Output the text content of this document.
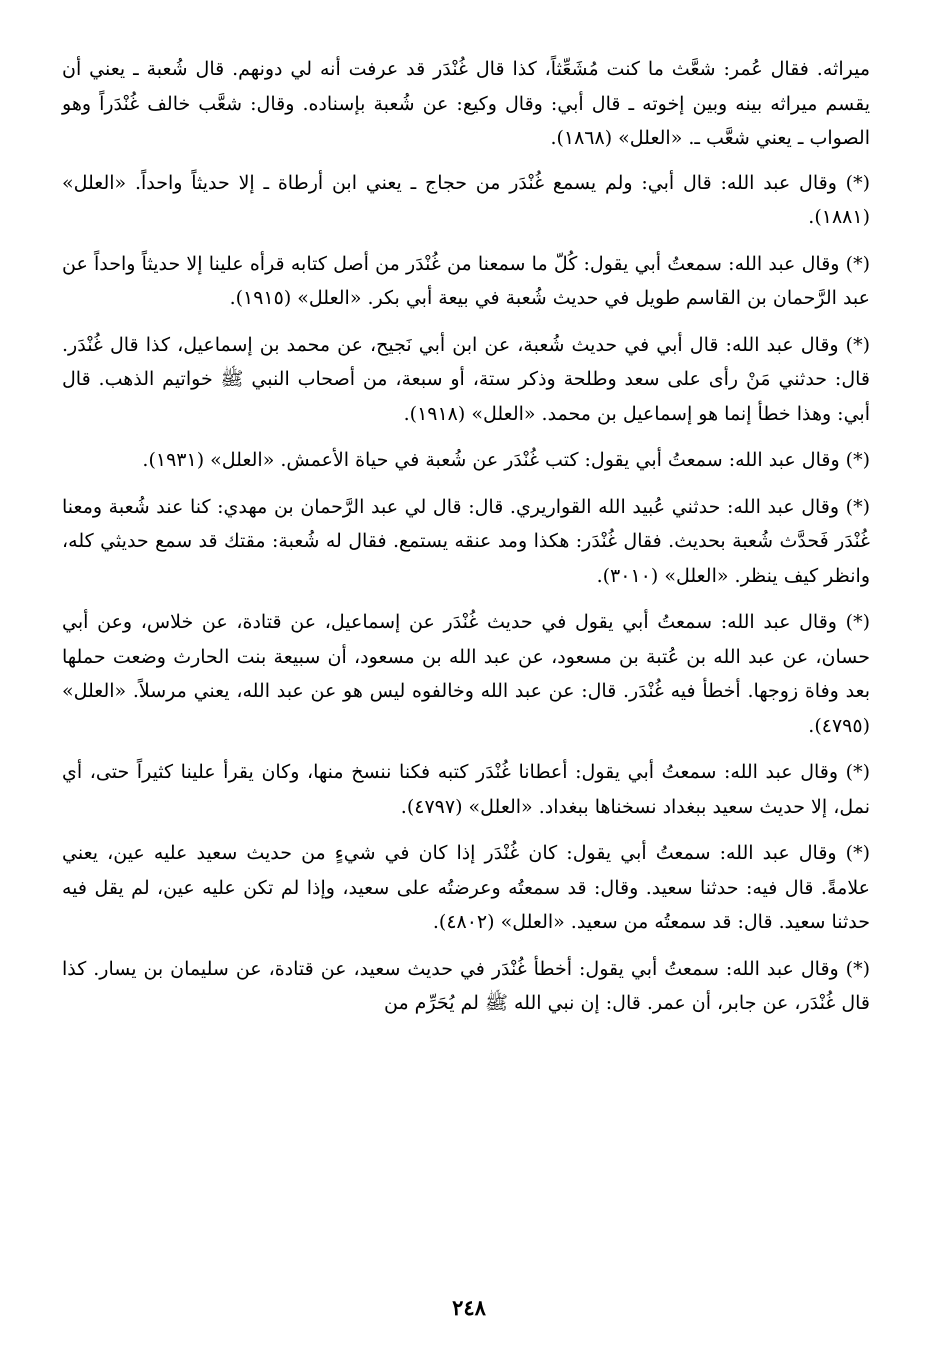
ميراثه. فقال عُمر: شعَّث ما كنت مُشَعِّثاً، كذا قال غُنْدَر قد عرفت أنه لي دونهم. قال شُعبة ـ يعني أن يقسم ميراثه بينه وبين إخوته ـ قال أبي: وقال وكيع: عن شُعبة بإسناده. وقال: شعَّب خالف غُنْدَراً وهو الصواب ـ يعني شعَّب ـ. «العلل» (١٨٦٨).

(*) وقال عبد الله: قال أبي: ولم يسمع غُنْدَر من حجاج ـ يعني ابن أرطاة ـ إلا حديثاً واحداً. «العلل» (١٨٨١).

(*) وقال عبد الله: سمعتُ أبي يقول: كُلّ ما سمعنا من غُنْدَر من أصل كتابه قرأه علينا إلا حديثاً واحداً عن عبد الرَّحمان بن القاسم طويل في حديث شُعبة في بيعة أبي بكر. «العلل» (١٩١٥).

(*) وقال عبد الله: قال أبي في حديث شُعبة، عن ابن أبي نَجيح، عن محمد بن إسماعيل، كذا قال غُنْدَر. قال: حدثني مَنْ رأى على سعد وطلحة وذكر ستة، أو سبعة، من أصحاب النبي ﷺ خواتيم الذهب. قال أبي: وهذا خطأ إنما هو إسماعيل بن محمد. «العلل» (١٩١٨).

(*) وقال عبد الله: سمعتُ أبي يقول: كتب غُنْدَر عن شُعبة في حياة الأعمش. «العلل» (١٩٣١).

(*) وقال عبد الله: حدثني عُبيد الله القواريري. قال: قال لي عبد الرَّحمان بن مهدي: كنا عند شُعبة ومعنا غُنْدَر فَحدَّث شُعبة بحديث. فقال غُنْدَر: هكذا ومد عنقه يستمع. فقال له شُعبة: مقتك قد سمع حديثي كله، وانظر كيف ينظر. «العلل» (٣٠١٠).

(*) وقال عبد الله: سمعتُ أبي يقول في حديث غُنْدَر عن إسماعيل، عن قتادة، عن خلاس، وعن أبي حسان، عن عبد الله بن عُتبة بن مسعود، عن عبد الله بن مسعود، أن سبيعة بنت الحارث وضعت حملها بعد وفاة زوجها. أخطأ فيه غُنْدَر. قال: عن عبد الله وخالفوه ليس هو عن عبد الله، يعني مرسلاً. «العلل» (٤٧٩٥).

(*) وقال عبد الله: سمعتُ أبي يقول: أعطانا غُنْدَر كتبه فكنا ننسخ منها، وكان يقرأ علينا كثيراً حتى، أي نمل، إلا حديث سعيد ببغداد نسخناها ببغداد. «العلل» (٤٧٩٧).

(*) وقال عبد الله: سمعتُ أبي يقول: كان غُنْدَر إذا كان في شيءٍ من حديث سعيد عليه عين، يعني علامةً. قال فيه: حدثنا سعيد. وقال: قد سمعتُه وعرضتُه على سعيد، وإذا لم تكن عليه عين، لم يقل فيه حدثنا سعيد. قال: قد سمعتُه من سعيد. «العلل» (٤٨٠٢).

(*) وقال عبد الله: سمعتُ أبي يقول: أخطأ غُنْدَر في حديث سعيد، عن قتادة، عن سليمان بن يسار. كذا قال غُنْدَر، عن جابر، أن عمر. قال: إن نبي الله ﷺ لم يُحَرِّم من

٢٤٨
